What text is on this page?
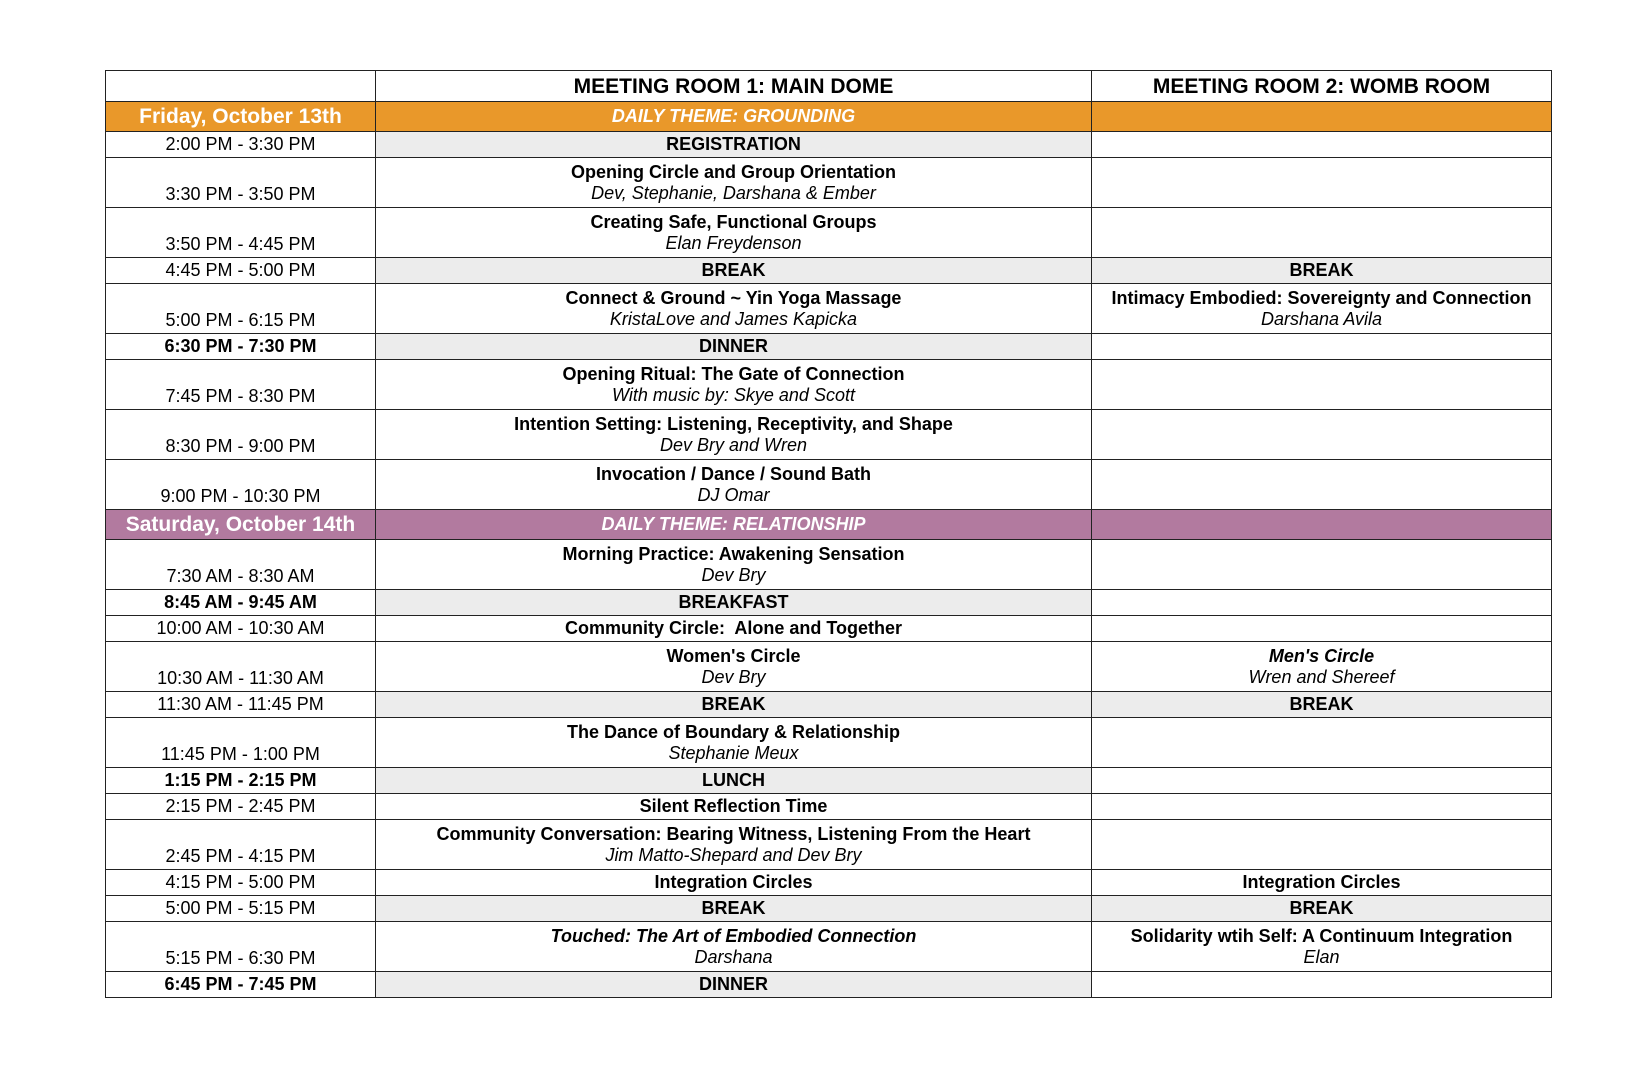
	MEETING ROOM 1: MAIN DOME	MEETING ROOM 2: WOMB ROOM
Friday, October 13th	DAILY THEME: GROUNDING	
2:00 PM - 3:30 PM	REGISTRATION	

3:30 PM - 3:50 PM	Opening Circle and Group Orientation
Dev, Stephanie, Darshana & Ember	

3:50 PM - 4:45 PM	Creating Safe, Functional Groups
Elan Freydenson	

4:45 PM - 5:00 PM	BREAK	BREAK

5:00 PM - 6:15 PM	Connect & Ground ~ Yin Yoga Massage
KristaLove and James Kapicka	Intimacy Embodied: Sovereignty and Connection
Darshana Avila

6:30 PM - 7:30 PM	DINNER	

7:45 PM - 8:30 PM	Opening Ritual: The Gate of Connection
With music by: Skye and Scott	

8:30 PM - 9:00 PM	Intention Setting: Listening, Receptivity, and Shape
Dev Bry and Wren	

9:00 PM - 10:30 PM	Invocation / Dance / Sound Bath
DJ Omar	

Saturday, October 14th	DAILY THEME: RELATIONSHIP	
7:30 AM - 8:30 AM	Morning Practice: Awakening Sensation
Dev Bry	

8:45 AM - 9:45 AM	BREAKFAST	

10:00 AM - 10:30 AM	Community Circle:  Alone and Together	

10:30 AM - 11:30 AM	Women's Circle
Dev Bry	Men's Circle
Wren and Shereef

11:30 AM - 11:45 PM	BREAK	BREAK

11:45 PM - 1:00 PM	The Dance of Boundary & Relationship
Stephanie Meux	

1:15 PM - 2:15 PM	LUNCH	

2:15 PM - 2:45 PM	Silent Reflection Time	

2:45 PM - 4:15 PM	Community Conversation: Bearing Witness, Listening From the Heart
Jim Matto-Shepard and Dev Bry	

4:15 PM - 5:00 PM	Integration Circles	Integration Circles

5:00 PM - 5:15 PM	BREAK	BREAK

5:15 PM - 6:30 PM	Touched: The Art of Embodied Connection
Darshana	Solidarity wtih Self: A Continuum Integration
Elan

6:45 PM - 7:45 PM	DINNER	
